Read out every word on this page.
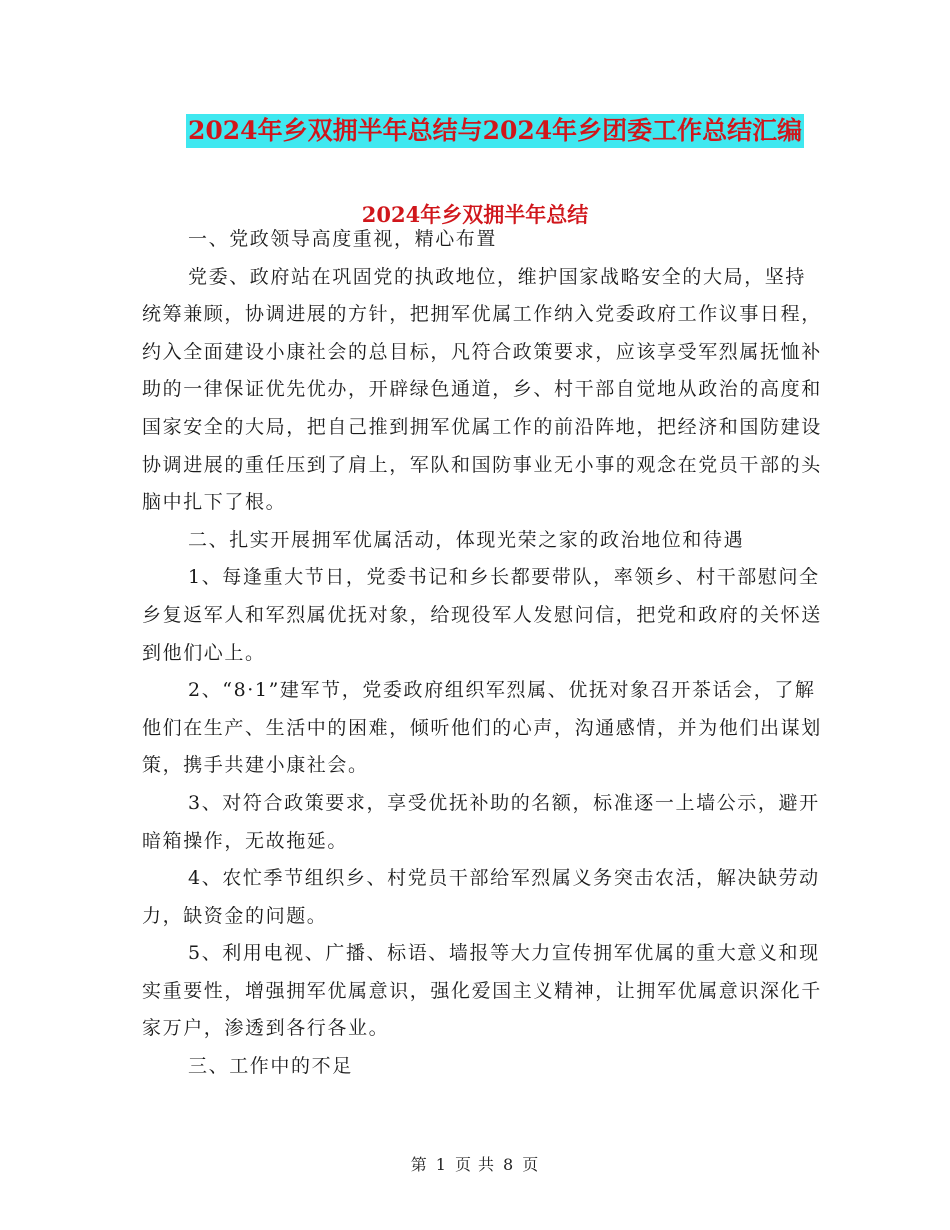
2024年乡双拥半年总结与2024年乡团委工作总结汇编
2024年乡双拥半年总结

一、党政领导高度重视，精心布置

党委、政府站在巩固党的执政地位，维护国家战略安全的大局，坚持统筹兼顾，协调进展的方针，把拥军优属工作纳入党委政府工作议事日程，约入全面建设小康社会的总目标，凡符合政策要求，应该享受军烈属抚恤补助的一律保证优先优办，开辟绿色通道，乡、村干部自觉地从政治的高度和国家安全的大局，把自己推到拥军优属工作的前沿阵地，把经济和国防建设协调进展的重任压到了肩上，军队和国防事业无小事的观念在党员干部的头脑中扎下了根。

二、扎实开展拥军优属活动，体现光荣之家的政治地位和待遇

1、每逢重大节日，党委书记和乡长都要带队，率领乡、村干部慰问全乡复返军人和军烈属优抚对象，给现役军人发慰问信，把党和政府的关怀送到他们心上。

2、“8·1”建军节，党委政府组织军烈属、优抚对象召开茶话会，了解他们在生产、生活中的困难，倾听他们的心声，沟通感情，并为他们出谋划策，携手共建小康社会。

3、对符合政策要求，享受优抚补助的名额，标准逐一上墙公示，避开暗箱操作，无故拖延。

4、农忙季节组织乡、村党员干部给军烈属义务突击农活，解决缺劳动力，缺资金的问题。

5、利用电视、广播、标语、墙报等大力宣传拥军优属的重大意义和现实重要性，增强拥军优属意识，强化爱国主义精神，让拥军优属意识深化千家万户，渗透到各行各业。

三、工作中的不足

第 1 页 共 8 页
